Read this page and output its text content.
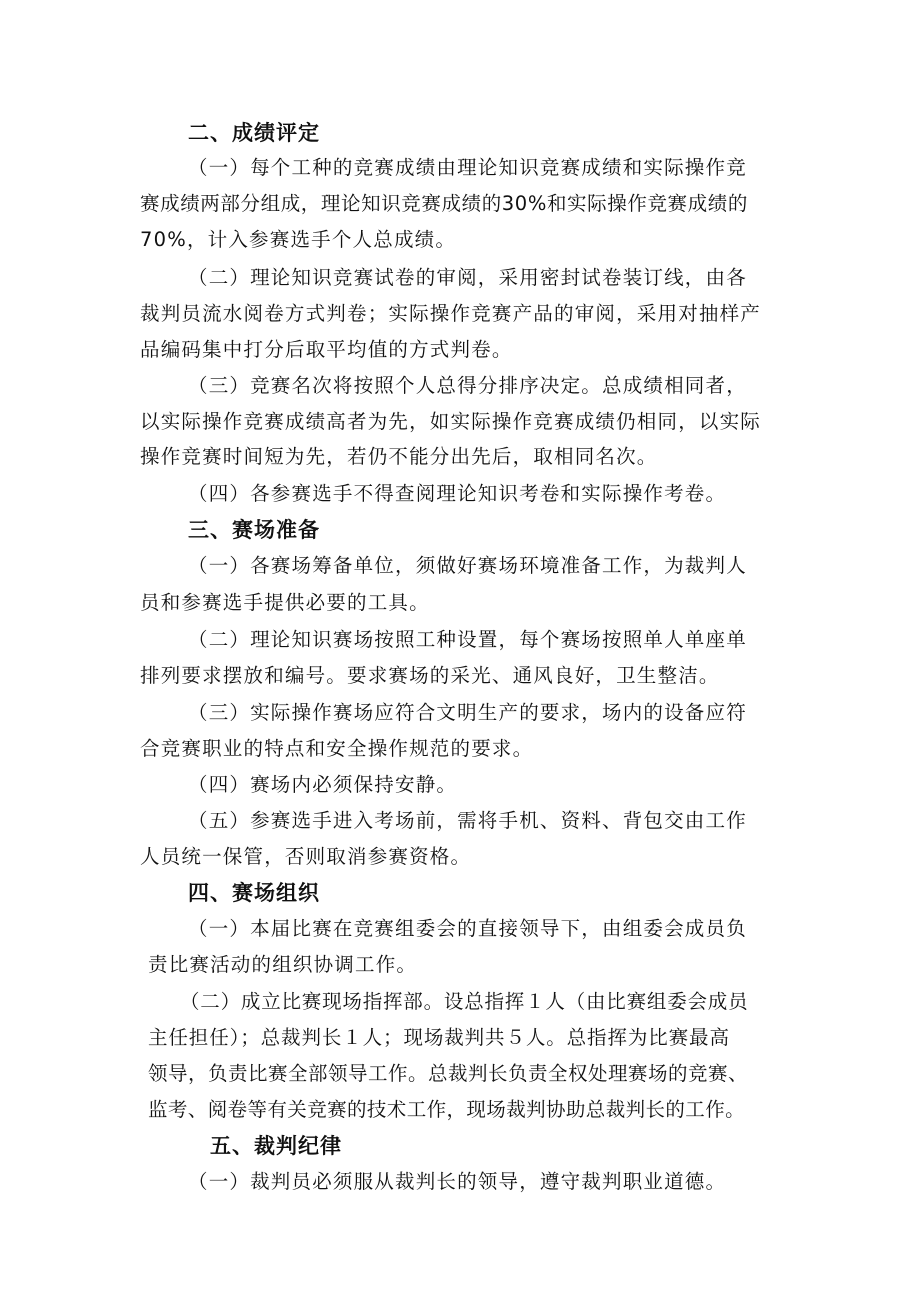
二、成绩评定
（一）每个工种的竞赛成绩由理论知识竞赛成绩和实际操作竞
赛成绩两部分组成，理论知识竞赛成绩的30%和实际操作竞赛成绩的
70%，计入参赛选手个人总成绩。
（二）理论知识竞赛试卷的审阅，采用密封试卷装订线，由各
裁判员流水阅卷方式判卷；实际操作竞赛产品的审阅，采用对抽样产
品编码集中打分后取平均值的方式判卷。
（三）竞赛名次将按照个人总得分排序决定。总成绩相同者，
以实际操作竞赛成绩高者为先，如实际操作竞赛成绩仍相同，以实际
操作竞赛时间短为先，若仍不能分出先后，取相同名次。
（四）各参赛选手不得查阅理论知识考卷和实际操作考卷。
三、赛场准备
（一）各赛场筹备单位，须做好赛场环境准备工作，为裁判人
员和参赛选手提供必要的工具。
（二）理论知识赛场按照工种设置，每个赛场按照单人单座单
排列要求摆放和编号。要求赛场的采光、通风良好，卫生整洁。
（三）实际操作赛场应符合文明生产的要求，场内的设备应符
合竞赛职业的特点和安全操作规范的要求。
（四）赛场内必须保持安静。
（五）参赛选手进入考场前，需将手机、资料、背包交由工作
人员统一保管，否则取消参赛资格。
四、赛场组织
（一）本届比赛在竞赛组委会的直接领导下，由组委会成员负
责比赛活动的组织协调工作。
（二）成立比赛现场指挥部。设总指挥１人（由比赛组委会成员
主任担任）；总裁判长１人；现场裁判共５人。总指挥为比赛最高
领导，负责比赛全部领导工作。总裁判长负责全权处理赛场的竞赛、
监考、阅卷等有关竞赛的技术工作，现场裁判协助总裁判长的工作。
五、裁判纪律
（一）裁判员必须服从裁判长的领导，遵守裁判职业道德。
